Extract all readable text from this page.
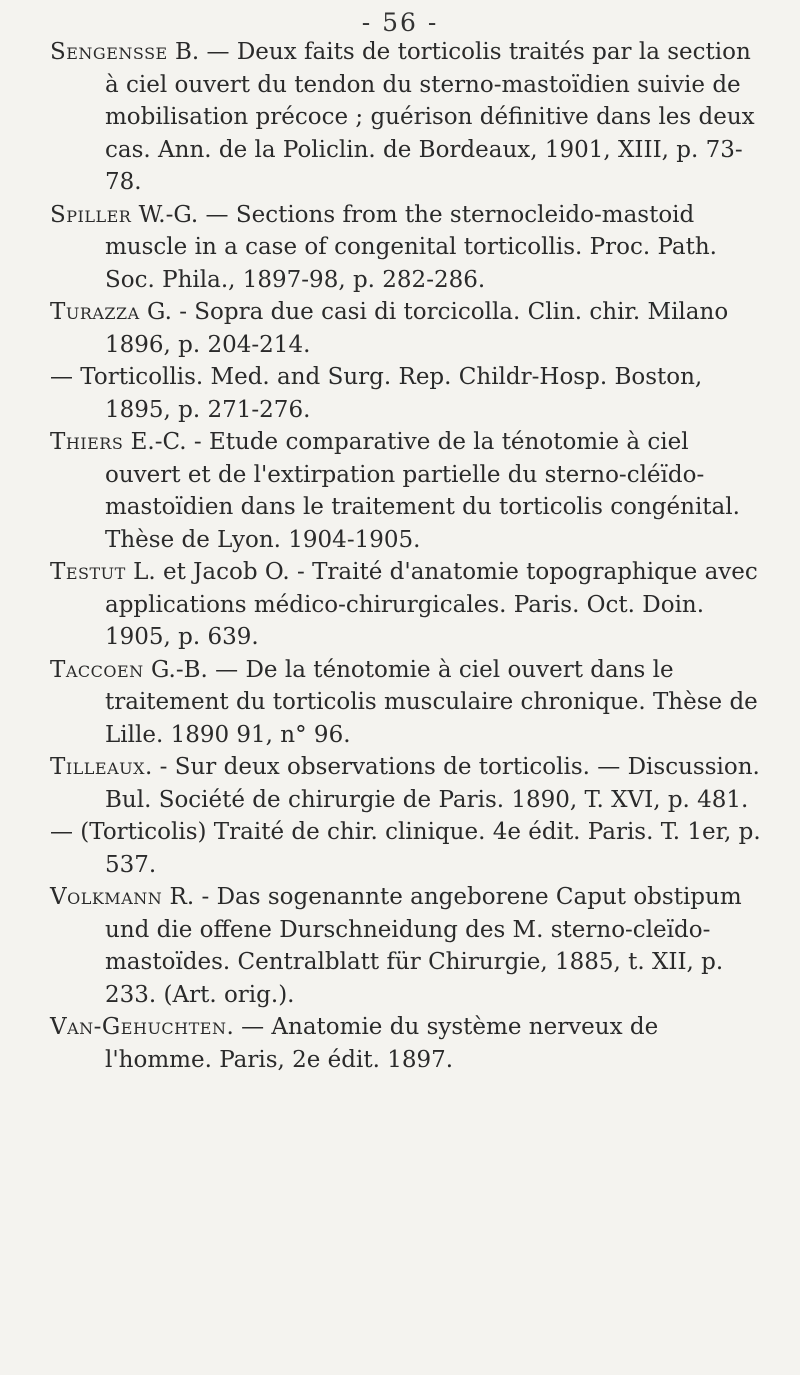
- 56 -

Sengensse B. — Deux faits de torticolis traités par la section à ciel ouvert du tendon du sterno-mastoïdien suivie de mobilisation précoce ; guérison définitive dans les deux cas. Ann. de la Policlin. de Bordeaux, 1901, XIII, p. 73-78.

Spiller W.-G. — Sections from the sternocleido-mastoid muscle in a case of congenital torticollis. Proc. Path. Soc. Phila., 1897-98, p. 282-286.

Turazza G. - Sopra due casi di torcicolla. Clin. chir. Milano 1896, p. 204-214.

— Torticollis. Med. and Surg. Rep. Childr-Hosp. Boston, 1895, p. 271-276.

Thiers E.-C. - Etude comparative de la ténotomie à ciel ouvert et de l'extirpation partielle du sterno-cléïdo-mastoïdien dans le traitement du torticolis congénital. Thèse de Lyon. 1904-1905.

Testut L. et Jacob O. - Traité d'anatomie topographique avec applications médico-chirurgicales. Paris. Oct. Doin. 1905, p. 639.

Taccoen G.-B. — De la ténotomie à ciel ouvert dans le traitement du torticolis musculaire chronique. Thèse de Lille. 1890 91, n° 96.

Tilleaux. - Sur deux observations de torticolis. — Discussion. Bul. Société de chirurgie de Paris. 1890, T. XVI, p. 481.

— (Torticolis) Traité de chir. clinique. 4e édit. Paris. T. 1er, p. 537.

Volkmann R. - Das sogenannte angeborene Caput obstipum und die offene Durschneidung des M. sterno-cleïdo-mastoïdes. Centralblatt für Chirurgie, 1885, t. XII, p. 233. (Art. orig.).

Van-Gehuchten. — Anatomie du système nerveux de l'homme. Paris, 2e édit. 1897.
